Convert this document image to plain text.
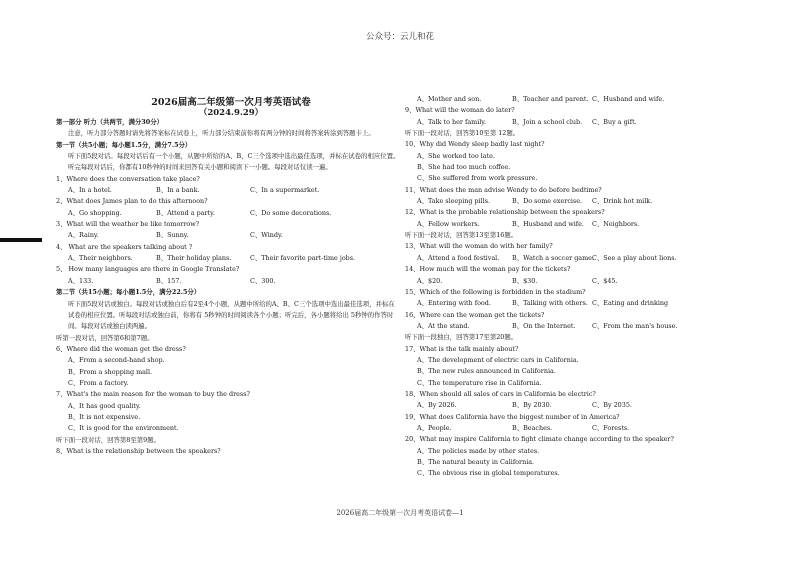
公众号：云儿和花
2026届高二年级第一次月考英语试卷
（2024.9.29）

第一部分 听力（共两节，满分30分）

注意，听力部分答题时请先将答案标在试卷上，听力部分结束前你将有两分钟的时间将答案转涂到答题卡上。

第一节（共5小题；每小题1.5分，满分7.5分）

听下面5段对话。每段对话后有一个小题，从题中所给的A、B、C三个选项中选出最佳选项，并标在试卷的相应位置。听完每段对话后，你都有10秒钟的时间来回答有关小题和阅读下一小题。每段对话仅读一遍。

1、Where does the conversation take place?

A、In a hotel.	B、In a bank.	C、In a supermarket.

2、What does James plan to do this afternoon?

A、Go shopping.	B、Attend a party.	C、Do some decorations.

3、What will the weather be like tomorrow?

A、Rainy.	B、Sunny.	C、Windy.

4、 What are the speakers talking about ?

A、Their neighbors.	B、Their holiday plans.	C、Their favorite part-time jobs.

5、 How many languages are there in Google Translate?

A、133.	B、157.	C、300.

第二节（共15小题；每小题1.5分，满分22.5分）

听下面5段对话或独白。每段对话或独白后有2至4个小题，从题中所给的A、B、C三个选项中选出最佳选项，并标在试卷的相应位置。听每段对话或独白前，你将有 5秒钟的时间阅读各个小题；听完后，各小题将给出 5秒钟的作答时间。每段对话或独白读两遍。

听第一段对话，回答第6和第7题。

6、Where did the woman get the dress?

A、From a second-hand shop.

B、From a shopping mall.

C、From a factory.

7、What's the main reason for the woman to buy the dress?

A、It has good quality.

B、It is not expensive.

C、It is good for the environment.

听下面一段对话，回答第8至第9题。

8、What is the relationship between the speakers?

A、Mother and son.	B、Teacher and parent. C、Husband and wife.

9、What will the woman do later?

A、Talk to her family.	B、Join a school club.	C、Buy a gift.

听下面一段对话，回答第10至第 12题。

10、Why did Wendy sleep badly last night?

A、She worked too late.

B、She had too much coffee.

C、She suffered from work pressure.

11、What does the man advise Wendy to do before bedtime?

A、Take sleeping pills.	B、Do some exercise.	C、Drink hot milk.

12、What is the probable relationship between the speakers?

A、Fellow workers.	B、Husband and wife.	C、Neighbors.

听下面一段对话，回答第13至第16题。

13、What will the woman do with her family?

A、Attend a food festival.	B、Watch a soccer game.
C、See a play about lions.

14、How much will the woman pay for the tickets?

A、$20.	B、$30.	C、$45.

15、Which of the following is forbidden in the stadium?

A、Entering with food.	B、Talking with others. C、Eating and drinking

16、Where can the woman get the tickets?

A、At the stand.	B、On the Internet.	C、From the man's house.

听下面一段独白，回答第17至第20题。

17、What is the talk mainly about?

A、The development of electric cars in California.

B、The new rules announced in California.

C、The temperature rise in California.

18、When should all sales of cars in California be electric?

A、By 2026.	B、By 2030.	C、By 2035.

19、What does California have the biggest number of in America?

A、People.	B、Beaches.	C、Forests.

20、What may inspire California to fight climate change according to the speaker?

A、The policies made by other states.

B、The natural beauty in California.

C、The obvious rise in global temperatures.

2026届高二年级第一次月考英语试卷—1
